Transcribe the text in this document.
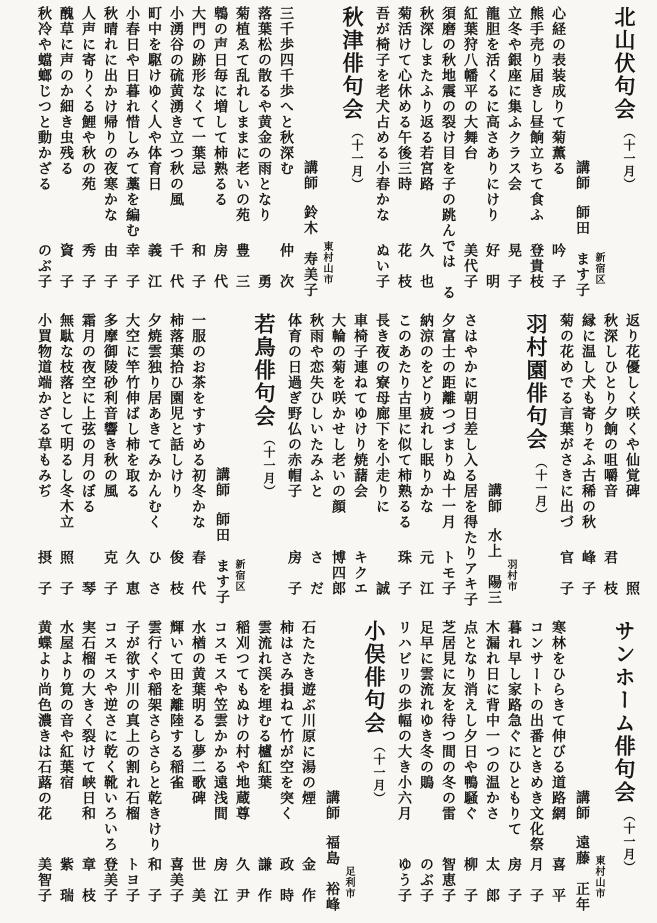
北山伏句会
（十一月）
新宿区
講師
師田　ます子
心経の表装成りて菊薫る
吟　子
熊手売り届きし昼餉立ちて食ふ
登貴枝
立冬や銀座に集ふクラス会
晃　子
龍胆を活くるに高さありにけり
好　明
紅葉狩八幡平の大舞台
美代子
須磨の秋地震の裂け目を子の跳んで
は　る
秋深しまたふり返る若宮路
久　也
菊活けて心休める午後三時
花　枝
吾が椅子を老犬占める小春かな
ぬい子
秋津俳句会
（十一月）
東村山市
講師
鈴木　寿美子
三千歩四千歩へと秋深む
仲　次
落葉松の散るや黄金の雨となり
勇
菊植ゑて乱れしままに老いの苑
豊　三
鵯の声日毎に増して柿熟るる
房　代
大門の跡形なくて一葉忌
和　子
小湧谷の硫黄湧き立つ秋の風
千　代
町中を駆けゆく人や体育日
義　江
小春日や日暮れ惜しみて藁を編む
幸　子
秋晴れに出かけ帰りの夜寒かな
由　子
人声に寄りくる鯉や秋の苑
秀　子
醜草に声のか細き虫残る
資　子
秋冷や蟷螂じつと動かざる
のぶ子
返り花優しく咲くや仙覚碑
照
秋深しひとり夕餉の咀嚼音
君　枝
縁に温し犬も寄りそふ古稀の秋
峰　子
菊の花めでる言葉がさきに出づ
官　子
羽村園俳句会
（十一月）
羽村市
講師
水上　陽三
さはやかに朝日差し入る居を得たり
アキ子
夕富士の距離つづまりぬ十一月
トモ子
納涼のをどり疲れし眠りかな
元　江
このあたり古里に似て柿熟るる
珠　子
長き夜の寮母廊下を小走りに
誠
車椅子連ねてゆけり焼藷会
キクエ
大輪の菊を咲かせし老いの顔
博四郎
秋雨や恋失ひしいたみふと
さ　だ
体育の日過ぎ野仏の赤帽子
房　子
若鳥俳句会
（十一月）
新宿区
講師
師田　ます子
一服のお茶をすすめる初冬かな
春　代
柿落葉拾ひ園児と話しけり
俊　枝
夕焼雲独り居あきてみかんむく
ひ　さ
大空に竿竹伸ばし柿を取る
久　恵
多摩御陵砂利音響き秋の風
克　子
霜月の夜空に上弦の月のぼる
琴
無駄な枝落として明るし冬木立
照　子
小買物道端かざる草もみぢ
摂　子
サンホーム俳句会
（十一月）
東村山市
講師
遠藤　正年
寒林をひらきて伸びる道路網
喜　平
コンサートの出番ときめき文化祭
月　子
暮れ早し家路急ぐにひともりて
房　子
木漏れ日に背中一つの温かさ
太　郎
点となり消えし夕日や鴨騒ぐ
柳　子
芝居見に友を待つ間の冬の雷
智恵子
足早に雲流れゆき冬の鵙
のぶ子
リハビリの歩幅の大き小六月
ゆう子
小俣俳句会
（十一月）
足利市
講師
福島　裕峰
石たたき遊ぶ川原に湯の煙
金　作
柿はさみ損ねて竹が空を突く
政　時
雲流れ渓を埋むる櫨紅葉
謙　作
稲刈つてもぬけの村や地蔵尊
久　尹
コスモスや笠雲かかる遠浅間
房　江
水楢の黄葉明るし夢二歌碑
世　美
輝いて田を離陸する稲雀
喜美子
雲行くや稲架さらさらと乾きけり
和　子
子が欲す川の真上の割れ石榴
トヨ子
コスモスや逆さに乾く靴いろいろ
登美子
実石榴の大きく裂けて峡日和
章　枝
水屋より筧の音や紅葉宿
紫　瑞
黄蝶より尚色濃きは石蕗の花
美智子
